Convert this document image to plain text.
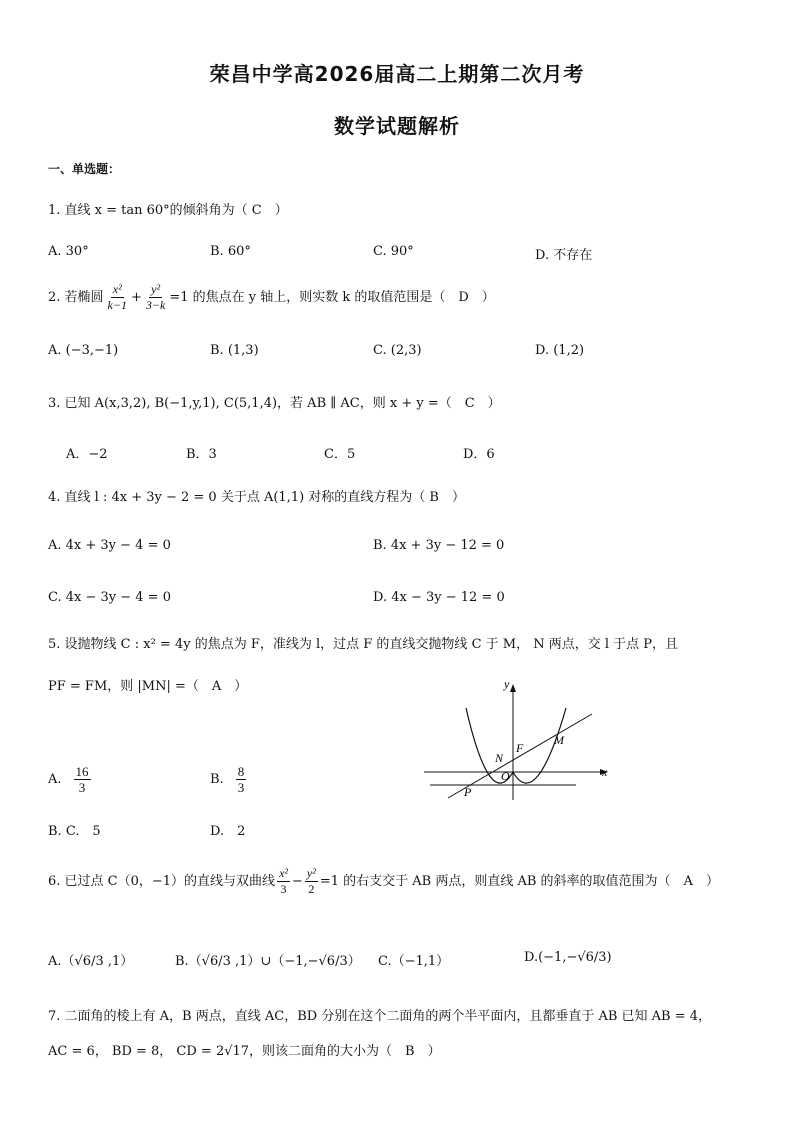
荣昌中学高2026届高二上期第二次月考
数学试题解析
一、单选题：
1. 直线 x = tan 60°的倾斜角为（ C　）
A. 30°	B. 60°	C. 90°	D. 不存在
2. 若椭圆 $\frac{\text{x²}}{k-1} + \frac{\text{y²}}{3-k} =1$ 的焦点在 y 轴上，则实数 k 的取值范围是（　D　）
A. (−3,−1)	B. (1,3)	C. (2,3)	D. (1,2)
3. 已知 A(x,3,2), B(−1,y,1), C(5,1,4)，若 AB ∥ AC，则 x + y =（　C　）
A．−2	B．3	C．5	D．6
4. 直线 l : 4x + 3y − 2 = 0 关于点 A(1,1) 对称的直线方程为（ B　）
A. 4x + 3y − 4 = 0	B. 4x + 3y − 12 = 0
C. 4x − 3y − 4 = 0	D. 4x − 3y − 12 = 0
5. 设抛物线 C : x² = 4y 的焦点为 F，准线为 l，过点 F 的直线交抛物线 C 于 M， N 两点，交 l 于点 P，且
PF = FM，则 |MN| =（　A　）
A. $\frac{16}{3}$	B. $\frac{8}{3}$
B. C.　5	D.　2
y
x
M
N
F
O
P
6. 已过点 C（0，−1）的直线与双曲线 $\frac{\text{x²}}{3} - \frac{\text{y²}}{2} =1$ 的右支交于 AB 两点，则直线 AB 的斜率的取值范围为（　A　）
A.（√6/3 ,1）	B.（√6/3 ,1）∪（−1,−√6/3） C.（−1,1）	D.(−1,−√6/3)
7. 二面角的棱上有 A，B 两点，直线 AC，BD 分别在这个二面角的两个半平面内，且都垂直于 AB 已知 AB = 4，
AC = 6， BD = 8， CD = 2√17，则该二面角的大小为（　B　）
